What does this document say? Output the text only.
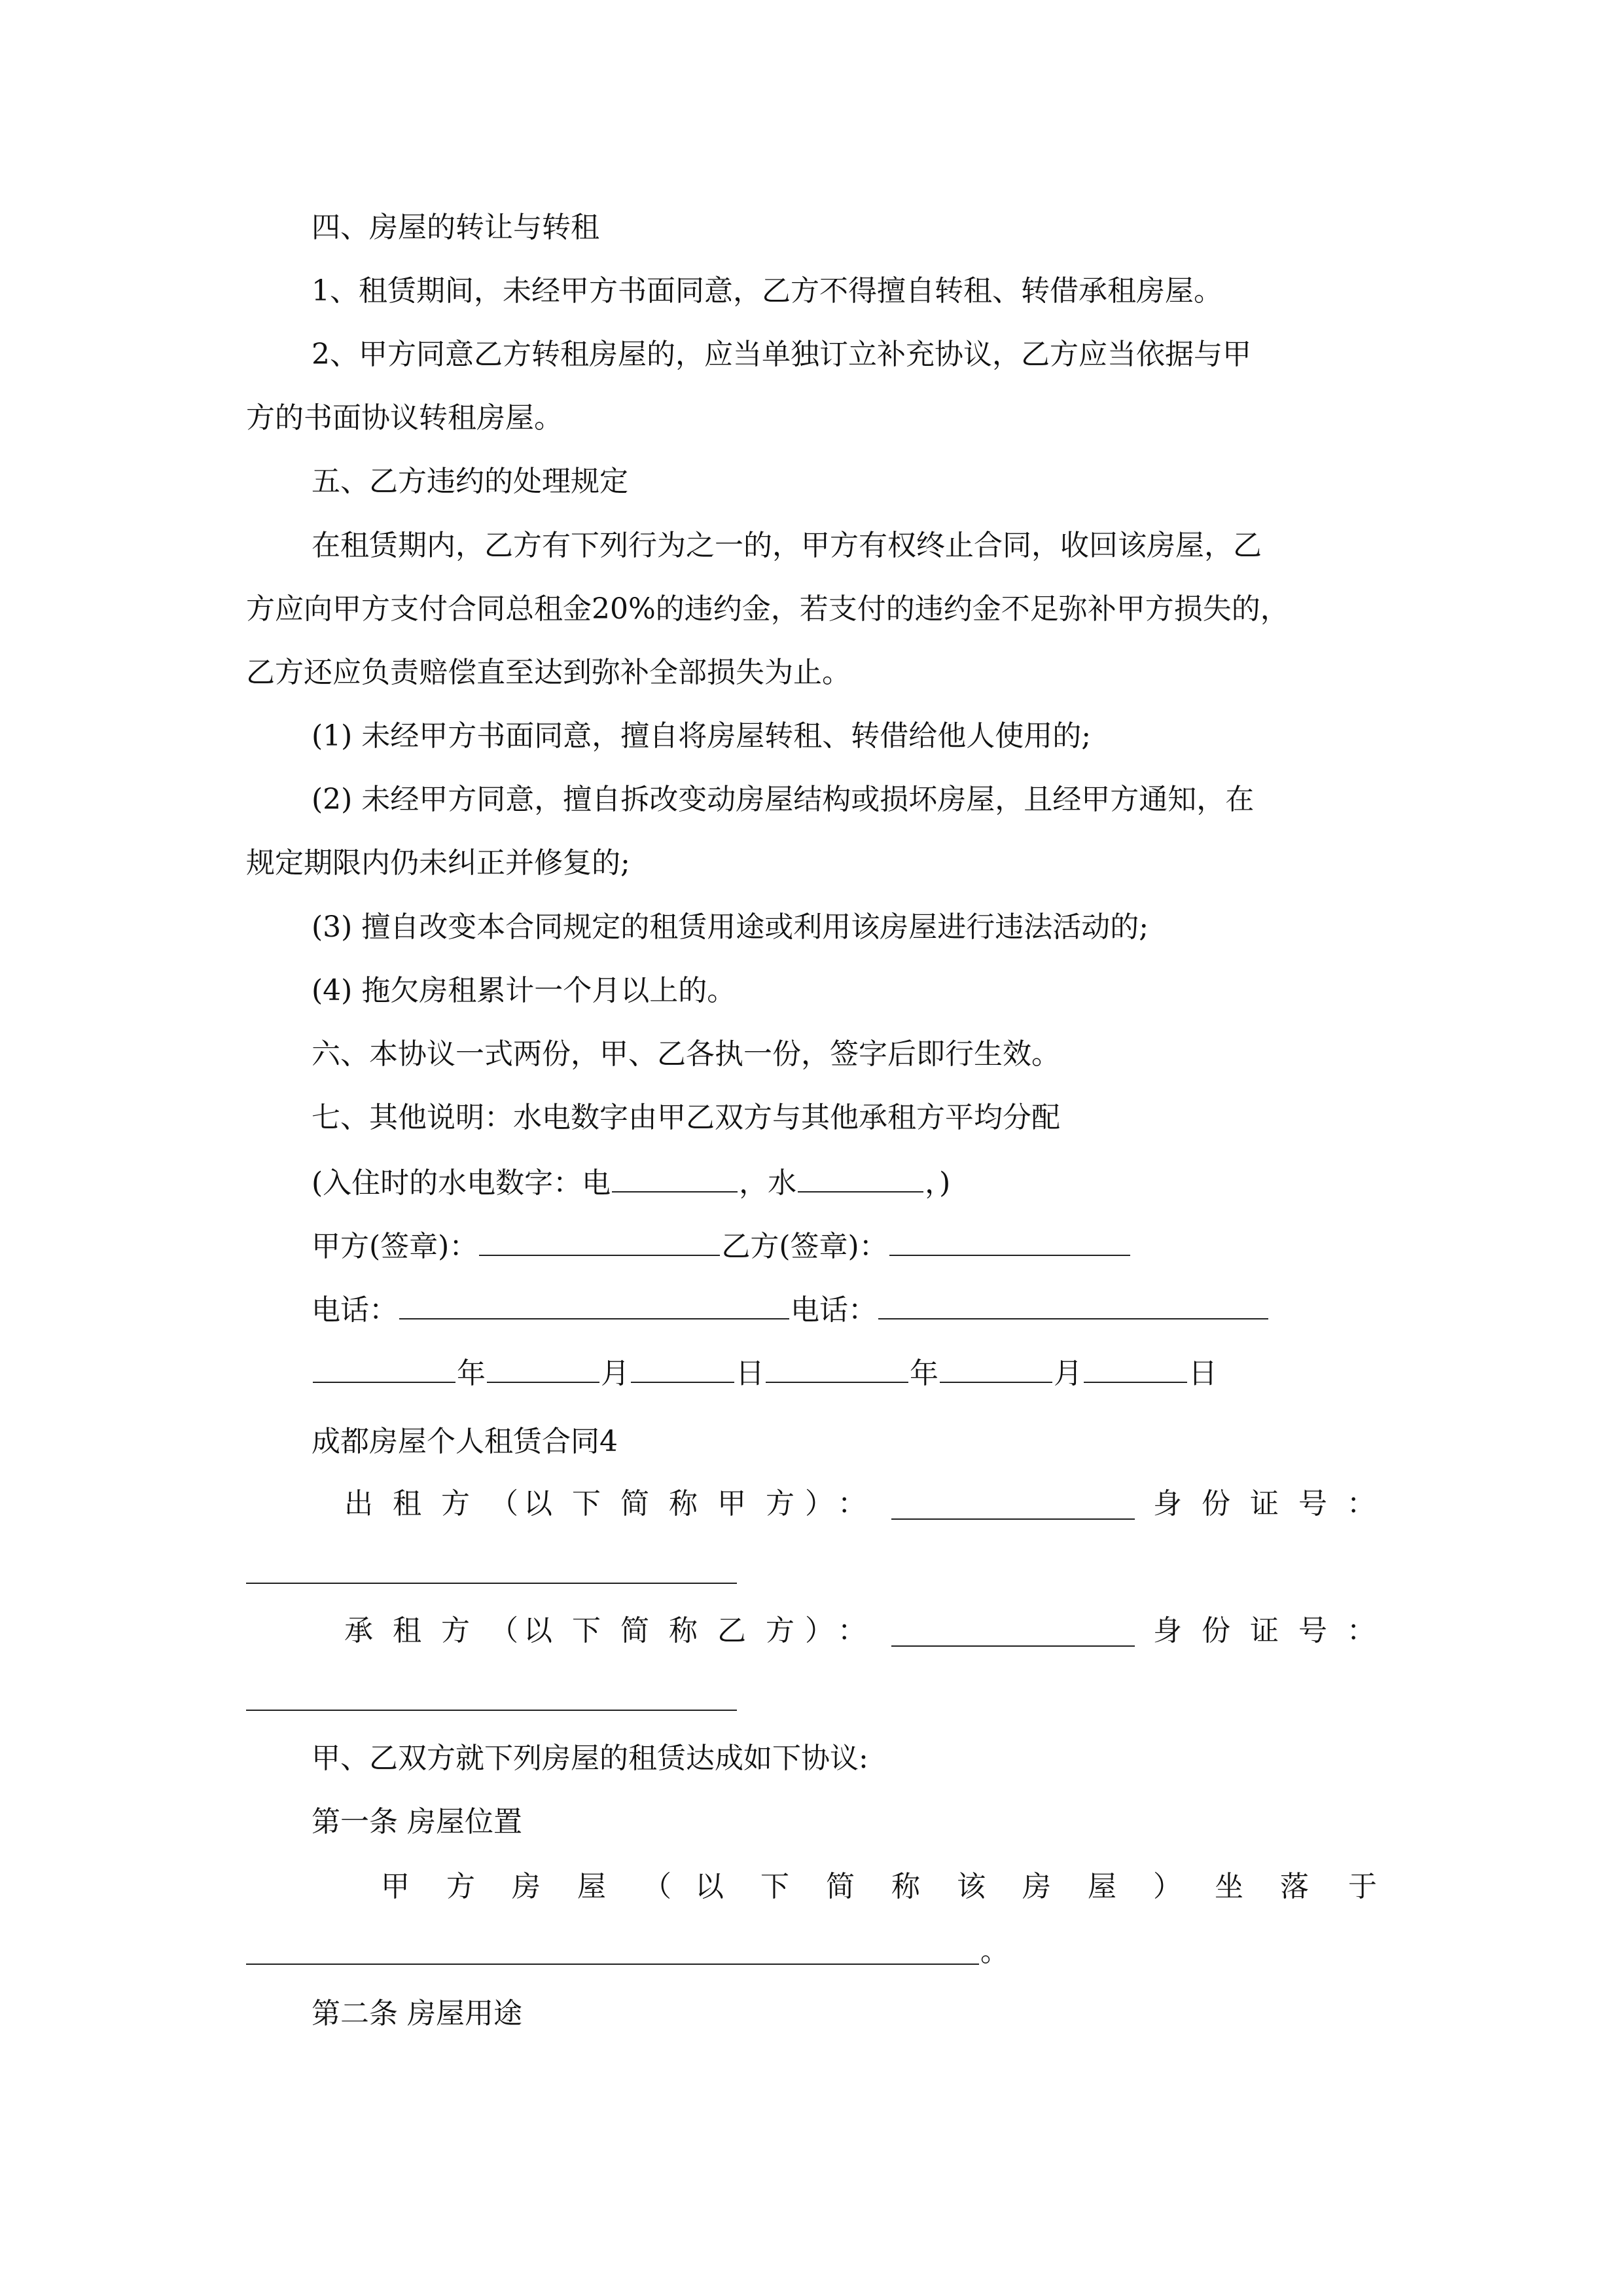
四、房屋的转让与转租
1、租赁期间，未经甲方书面同意，乙方不得擅自转租、转借承租房屋。
2、甲方同意乙方转租房屋的，应当单独订立补充协议，乙方应当依据与甲
方的书面协议转租房屋。
五、乙方违约的处理规定
在租赁期内，乙方有下列行为之一的，甲方有权终止合同，收回该房屋，乙
方应向甲方支付合同总租金20%的违约金，若支付的违约金不足弥补甲方损失的，
乙方还应负责赔偿直至达到弥补全部损失为止。
(1) 未经甲方书面同意，擅自将房屋转租、转借给他人使用的;
(2) 未经甲方同意，擅自拆改变动房屋结构或损坏房屋，且经甲方通知，在
规定期限内仍未纠正并修复的;
(3) 擅自改变本合同规定的租赁用途或利用该房屋进行违法活动的;
(4) 拖欠房租累计一个月以上的。
六、本协议一式两份，甲、乙各执一份，签字后即行生效。
七、其他说明：水电数字由甲乙双方与其他承租方平均分配
(入住时的水电数字：电	，水	，)
甲方(签章)：	乙方(签章)：
电话：	电话：
年	月	日	年	月	日
成都房屋个人租赁合同4
出 租 方 （ 以 下 简 称 甲 方 ） ：	身 份 证 号 ：
承 租 方 （ 以 下 简 称 乙 方 ） ：	身 份 证 号 ：
甲、乙双方就下列房屋的租赁达成如下协议:
第一条 房屋位置
甲 方 房 屋 （ 以 下 简 称 该 房 屋 ） 坐 落 于
。
第二条 房屋用途
